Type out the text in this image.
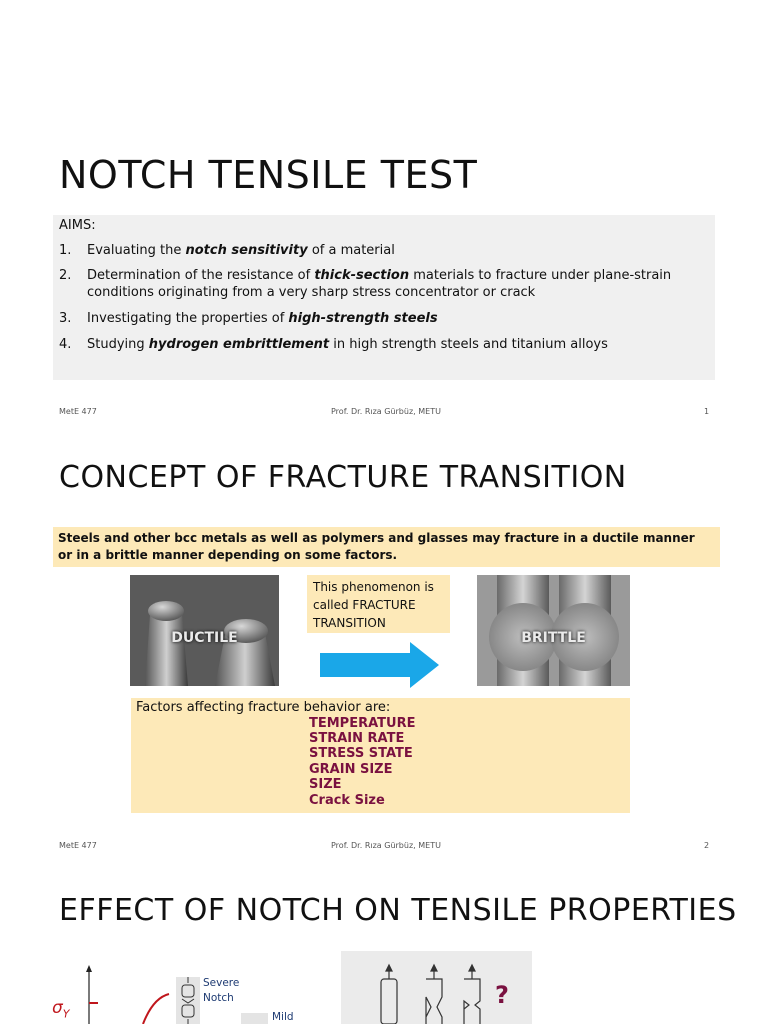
NOTCH TENSILE TEST
AIMS:
1.	Evaluating the notch sensitivity of a material
2.	Determination of the resistance of thick-section materials to fracture under plane-strain conditions originating from a very sharp stress concentrator or crack
3.	Investigating the properties of high-strength steels
4.	Studying hydrogen embrittlement in high strength steels and titanium alloys
MetE 477	Prof. Dr. Rıza Gürbüz, METU	1
CONCEPT OF FRACTURE TRANSITION
Steels and other bcc metals as well as polymers and glasses may fracture in a ductile manner or in a brittle manner depending on some factors.
DUCTILE
This phenomenon is called FRACTURE TRANSITION
BRITTLE
Factors affecting fracture behavior are:
TEMPERATURE
STRAIN RATE
STRESS STATE
GRAIN SIZE
SIZE
Crack Size
MetE 477	Prof. Dr. Rıza Gürbüz, METU	2
EFFECT OF NOTCH ON TENSILE PROPERTIES
$\sigma_Y$
Severe Notch
Mild
?
